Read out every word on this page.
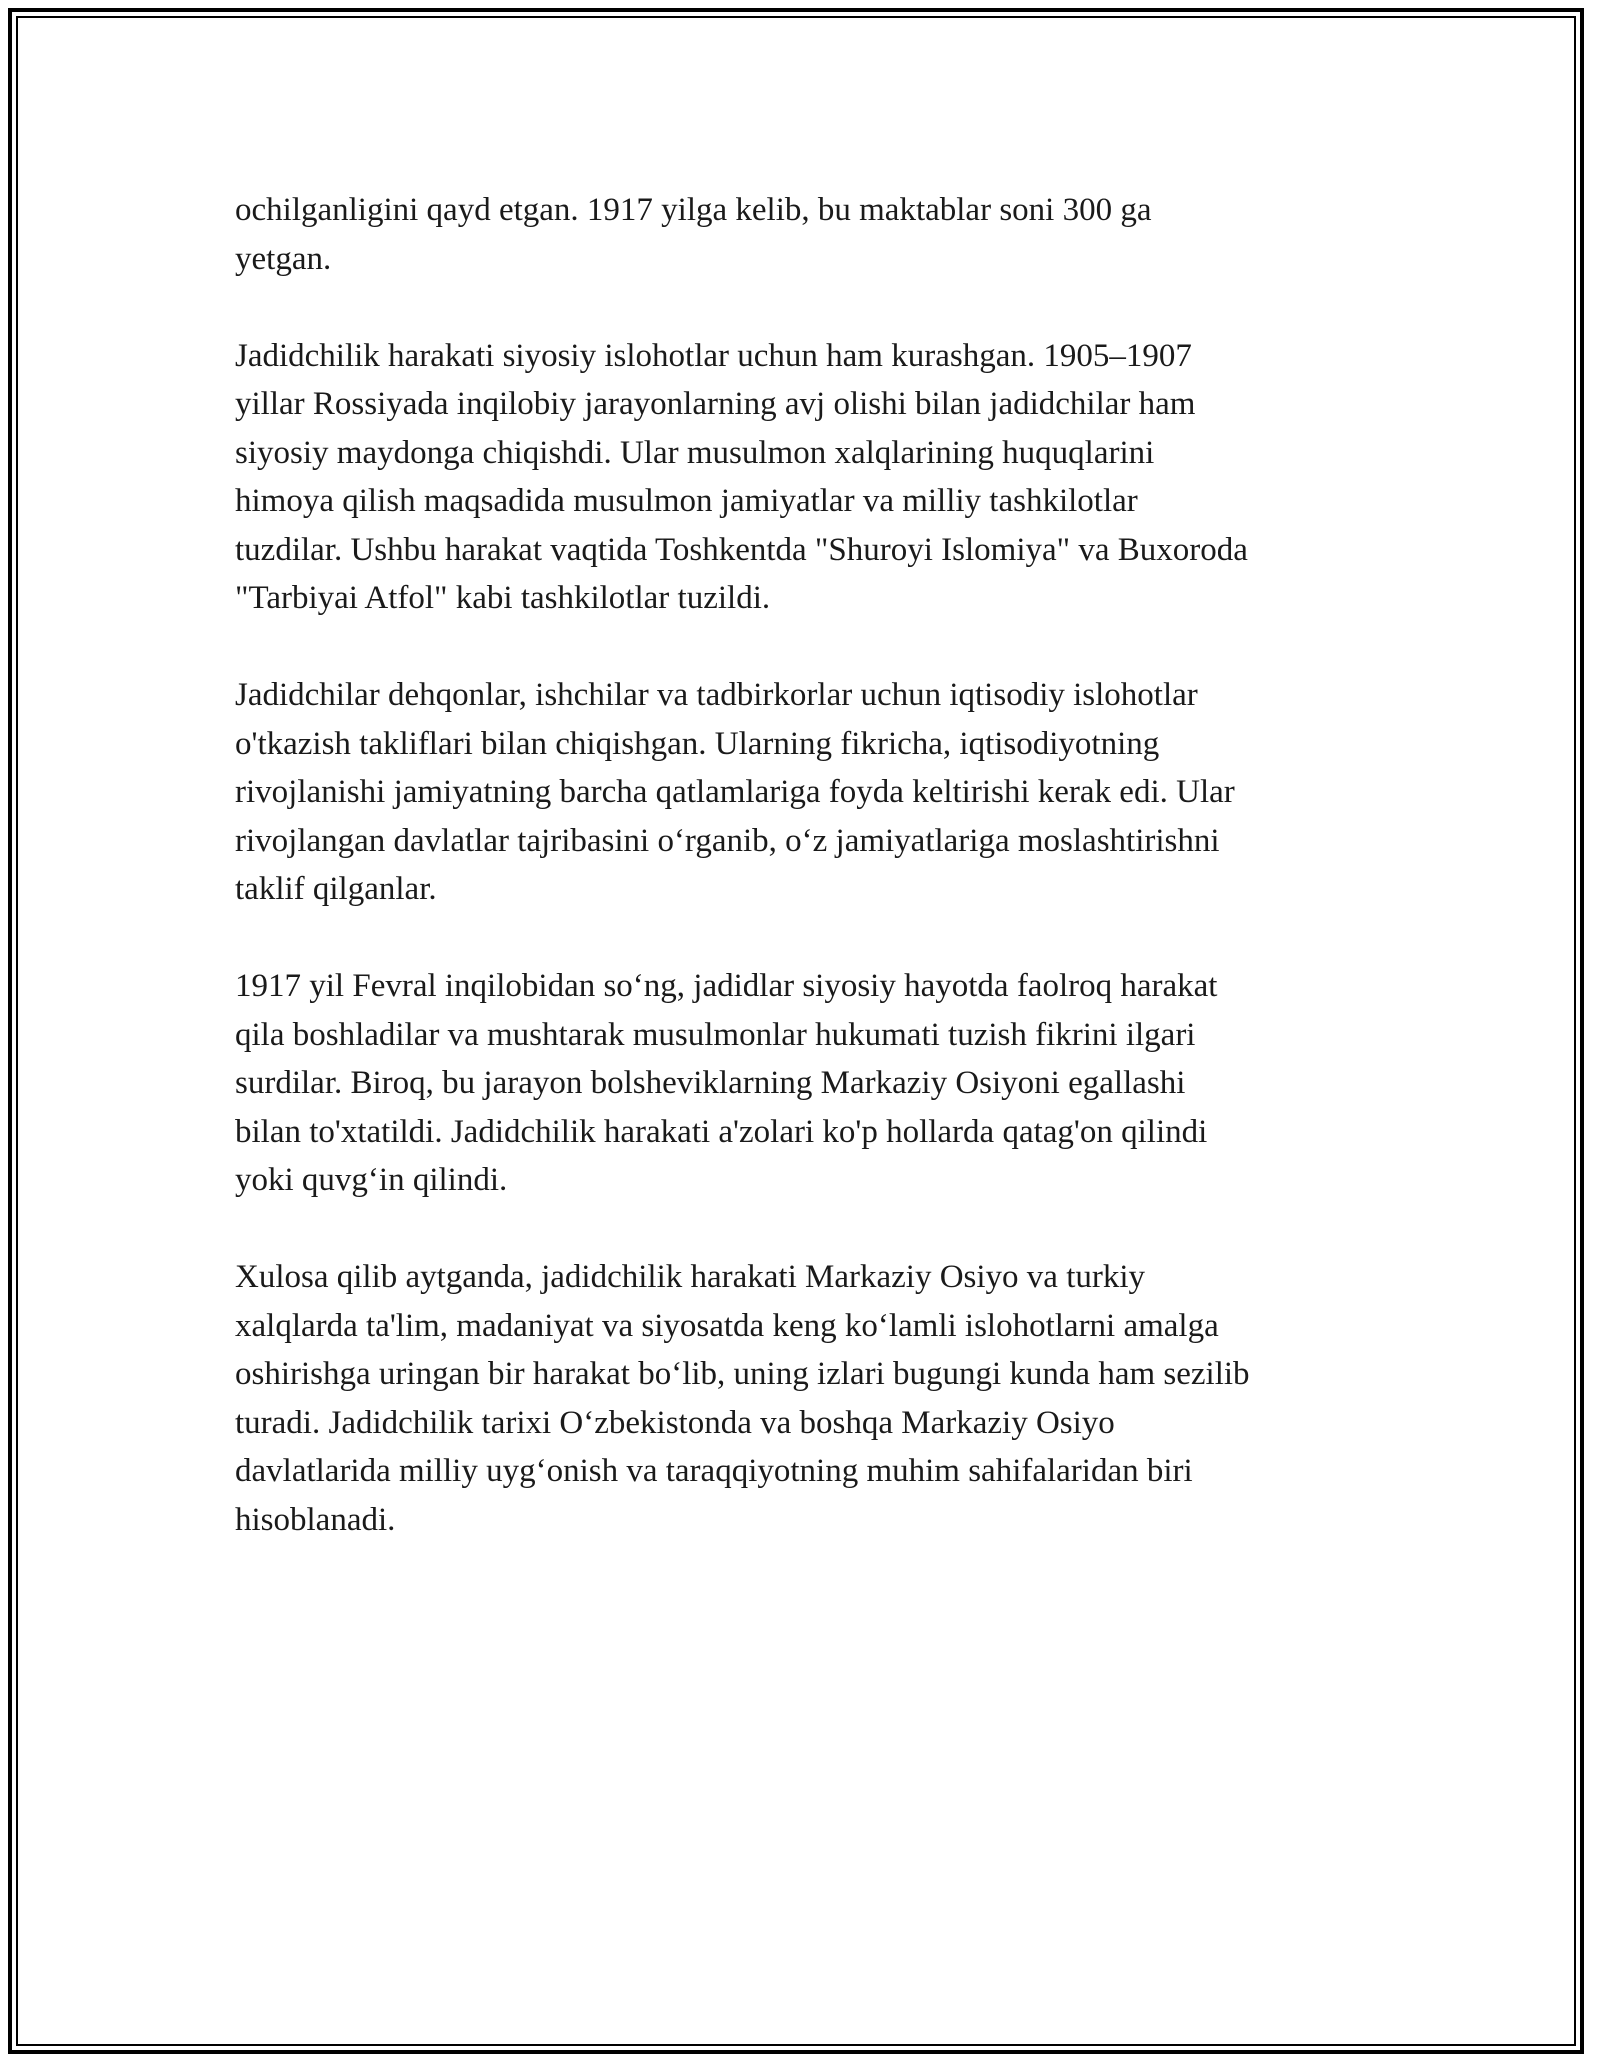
ochilganligini qayd etgan. 1917 yilga kelib, bu maktablar soni 300 ga
yetgan.

Jadidchilik harakati siyosiy islohotlar uchun ham kurashgan. 1905–1907
yillar Rossiyada inqilobiy jarayonlarning avj olishi bilan jadidchilar ham
siyosiy maydonga chiqishdi. Ular musulmon xalqlarining huquqlarini
himoya qilish maqsadida musulmon jamiyatlar va milliy tashkilotlar
tuzdilar. Ushbu harakat vaqtida Toshkentda "Shuroyi Islomiya" va Buxoroda
"Tarbiyai Atfol" kabi tashkilotlar tuzildi.

Jadidchilar dehqonlar, ishchilar va tadbirkorlar uchun iqtisodiy islohotlar
o'tkazish takliflari bilan chiqishgan. Ularning fikricha, iqtisodiyotning
rivojlanishi jamiyatning barcha qatlamlariga foyda keltirishi kerak edi. Ular
rivojlangan davlatlar tajribasini o‘rganib, o‘z jamiyatlariga moslashtirishni
taklif qilganlar.

1917 yil Fevral inqilobidan so‘ng, jadidlar siyosiy hayotda faolroq harakat
qila boshladilar va mushtarak musulmonlar hukumati tuzish fikrini ilgari
surdilar. Biroq, bu jarayon bolsheviklarning Markaziy Osiyoni egallashi
bilan to'xtatildi. Jadidchilik harakati a'zolari ko'p hollarda qatag'on qilindi
yoki quvg‘in qilindi.

Xulosa qilib aytganda, jadidchilik harakati Markaziy Osiyo va turkiy
xalqlarda ta'lim, madaniyat va siyosatda keng ko‘lamli islohotlarni amalga
oshirishga uringan bir harakat bo‘lib, uning izlari bugungi kunda ham sezilib
turadi. Jadidchilik tarixi O‘zbekistonda va boshqa Markaziy Osiyo
davlatlarida milliy uyg‘onish va taraqqiyotning muhim sahifalaridan biri
hisoblanadi.
